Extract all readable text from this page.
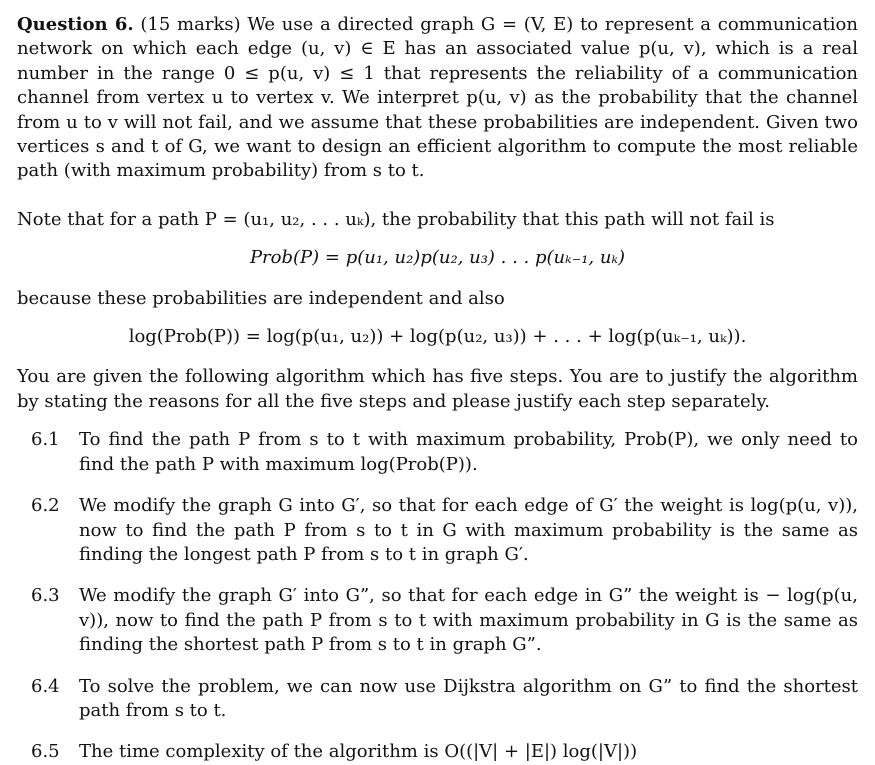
Question 6. (15 marks) We use a directed graph G = (V, E) to represent a communication network on which each edge (u, v) ∈ E has an associated value p(u, v), which is a real number in the range 0 ≤ p(u, v) ≤ 1 that represents the reliability of a communication channel from vertex u to vertex v. We interpret p(u, v) as the probability that the channel from u to v will not fail, and we assume that these probabilities are independent. Given two vertices s and t of G, we want to design an efficient algorithm to compute the most reliable path (with maximum probability) from s to t.

Note that for a path P = (u₁, u₂, . . . uₖ), the probability that this path will not fail is

Prob(P) = p(u₁, u₂)p(u₂, u₃) . . . p(uₖ₋₁, uₖ)

because these probabilities are independent and also

log(Prob(P)) = log(p(u₁, u₂)) + log(p(u₂, u₃)) + . . . + log(p(uₖ₋₁, uₖ)).

You are given the following algorithm which has five steps. You are to justify the algorithm by stating the reasons for all the five steps and please justify each step separately.

6.1 To find the path P from s to t with maximum probability, Prob(P), we only need to find the path P with maximum log(Prob(P)).
6.2 We modify the graph G into G′, so that for each edge of G′ the weight is log(p(u, v)), now to find the path P from s to t in G with maximum probability is the same as finding the longest path P from s to t in graph G′.
6.3 We modify the graph G′ into G”, so that for each edge in G” the weight is − log(p(u, v)), now to find the path P from s to t with maximum probability in G is the same as finding the shortest path P from s to t in graph G”.
6.4 To solve the problem, we can now use Dijkstra algorithm on G” to find the shortest path from s to t.
6.5 The time complexity of the algorithm is O((|V| + |E|) log(|V|))
